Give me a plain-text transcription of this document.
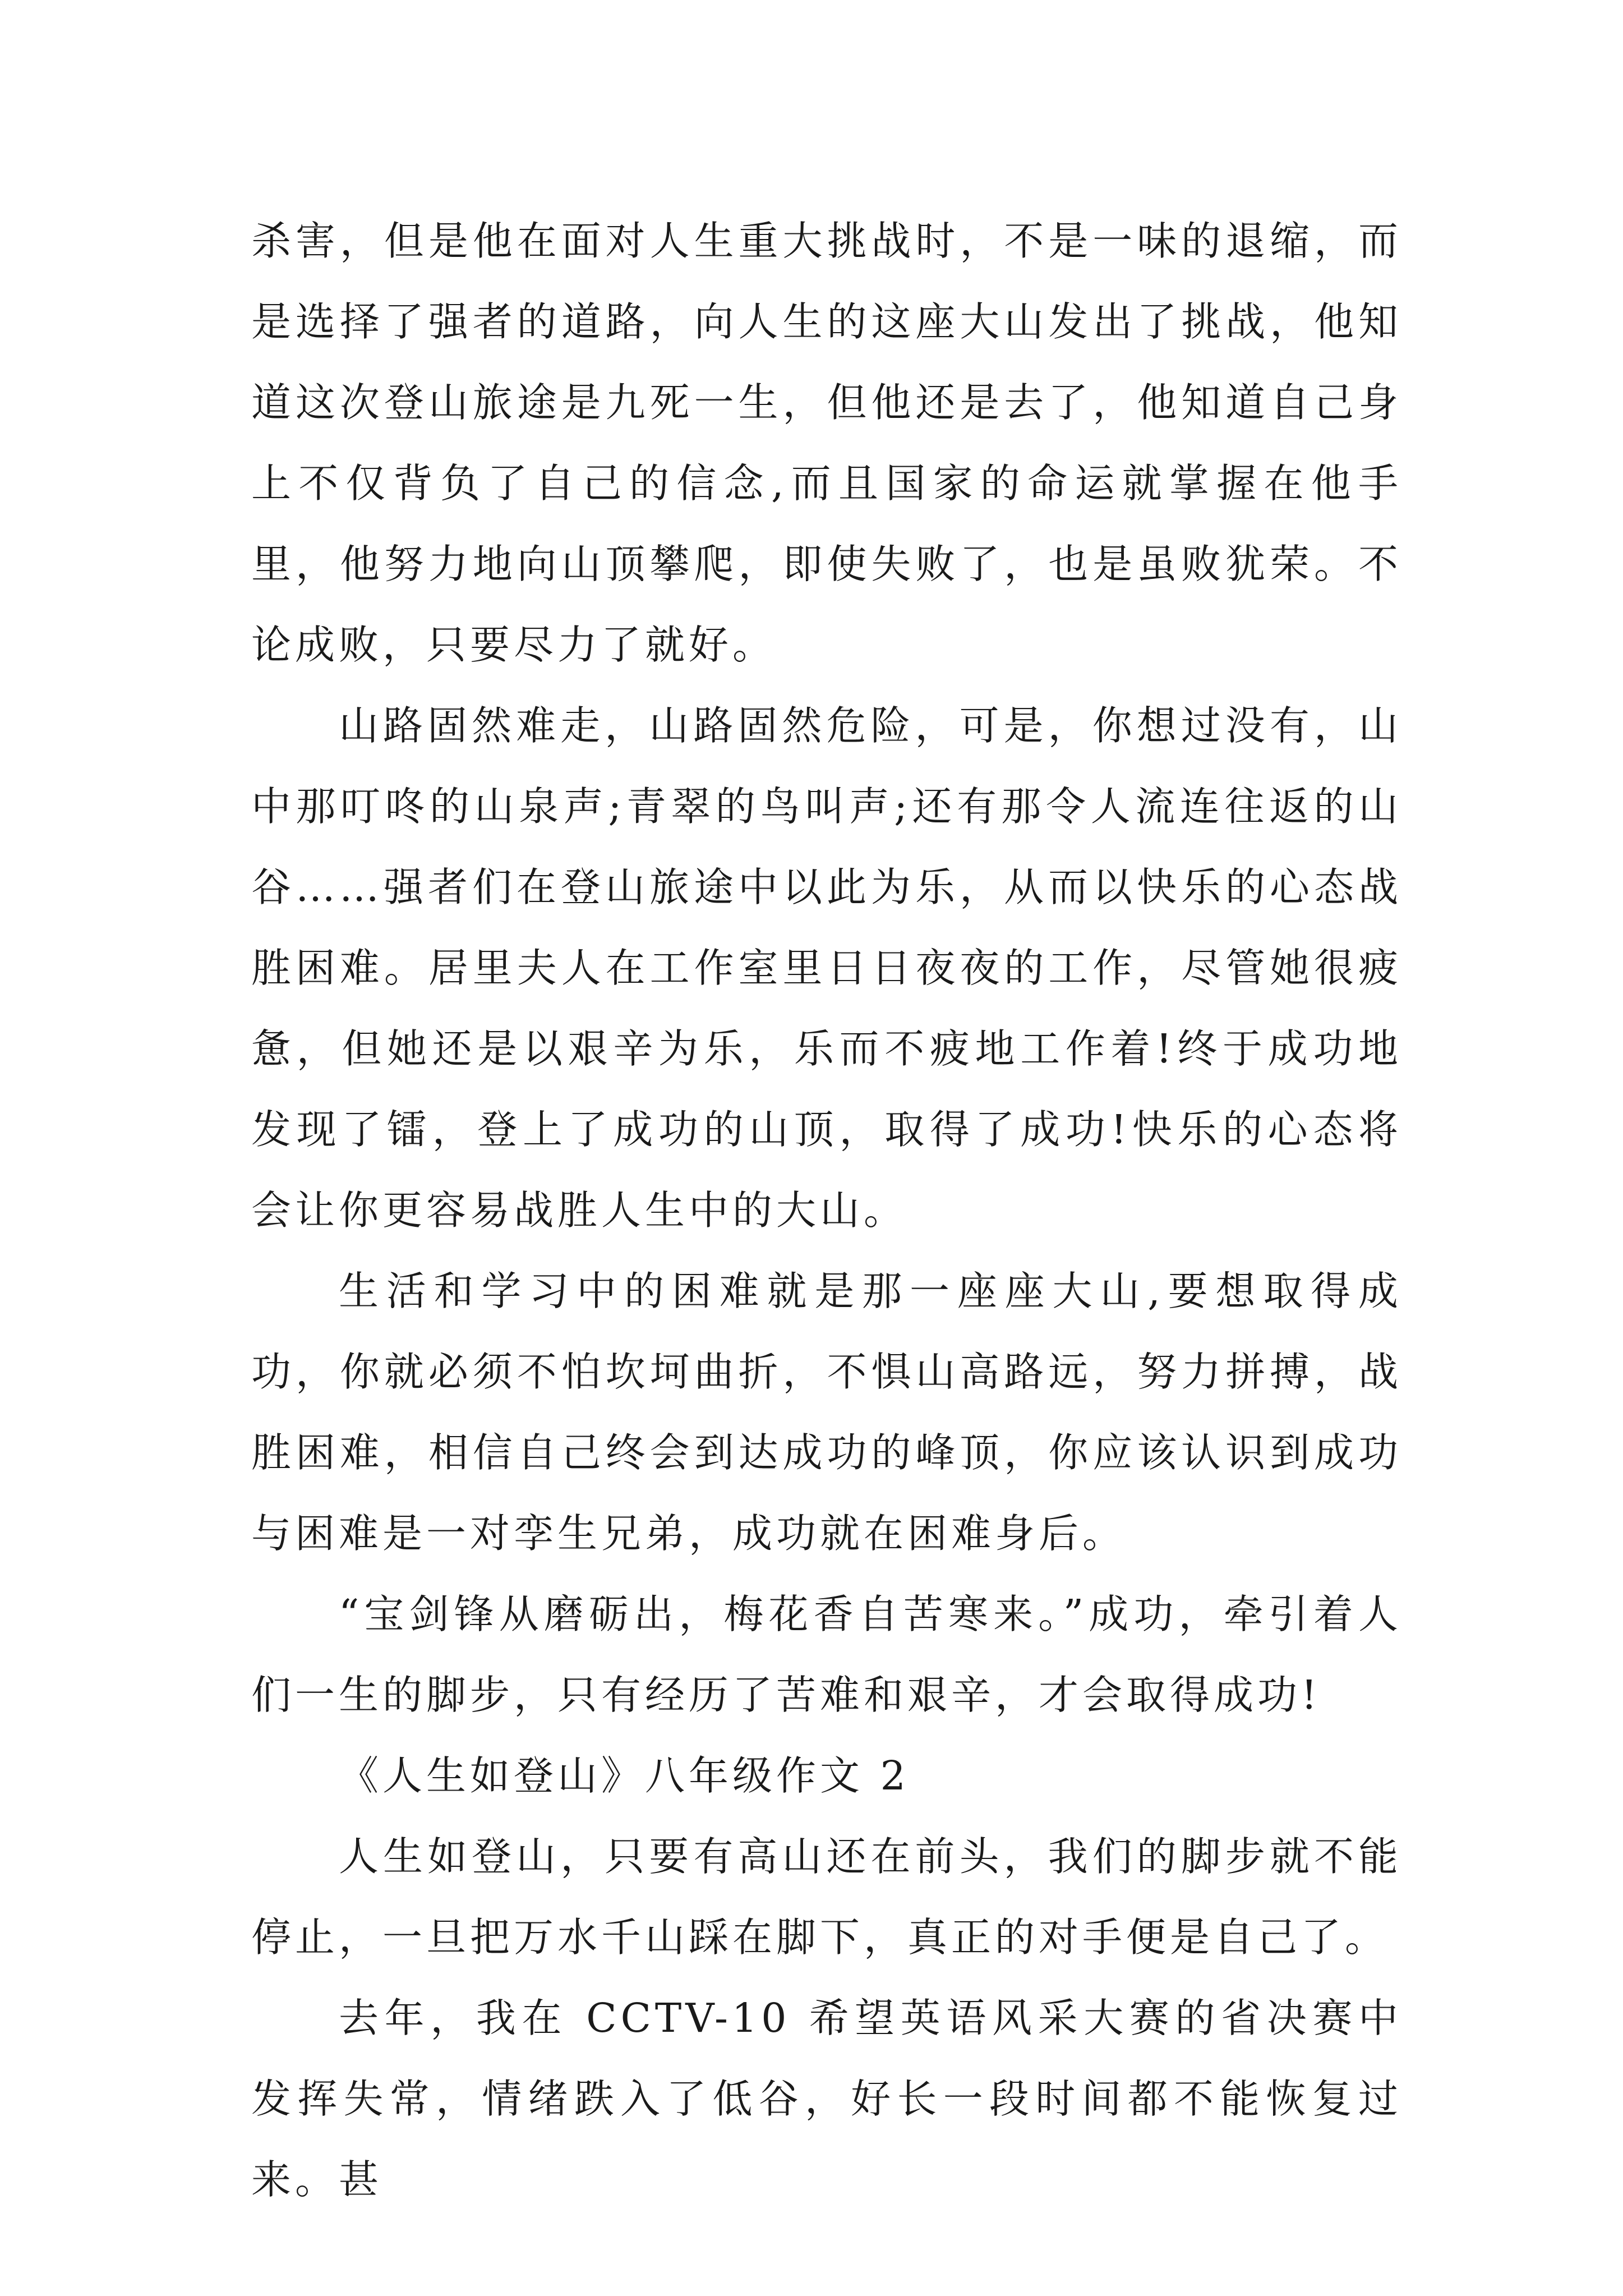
杀害，但是他在面对人生重大挑战时，不是一味的退缩，而是选择了强者的道路，向人生的这座大山发出了挑战，他知道这次登山旅途是九死一生，但他还是去了，他知道自己身上不仅背负了自己的信念,而且国家的命运就掌握在他手里，他努力地向山顶攀爬，即使失败了，也是虽败犹荣。不论成败，只要尽力了就好。

山路固然难走，山路固然危险，可是，你想过没有，山中那叮咚的山泉声;青翠的鸟叫声;还有那令人流连往返的山谷……强者们在登山旅途中以此为乐，从而以快乐的心态战胜困难。居里夫人在工作室里日日夜夜的工作，尽管她很疲惫，但她还是以艰辛为乐，乐而不疲地工作着!终于成功地发现了镭，登上了成功的山顶，取得了成功!快乐的心态将会让你更容易战胜人生中的大山。

生活和学习中的困难就是那一座座大山,要想取得成功，你就必须不怕坎坷曲折，不惧山高路远，努力拼搏，战胜困难，相信自己终会到达成功的峰顶，你应该认识到成功与困难是一对孪生兄弟，成功就在困难身后。

“宝剑锋从磨砺出，梅花香自苦寒来。”成功，牵引着人们一生的脚步，只有经历了苦难和艰辛，才会取得成功!

《人生如登山》八年级作文 2

人生如登山，只要有高山还在前头，我们的脚步就不能停止，一旦把万水千山踩在脚下，真正的对手便是自己了。

去年，我在 CCTV-10 希望英语风采大赛的省决赛中发挥失常，情绪跌入了低谷，好长一段时间都不能恢复过来。甚
